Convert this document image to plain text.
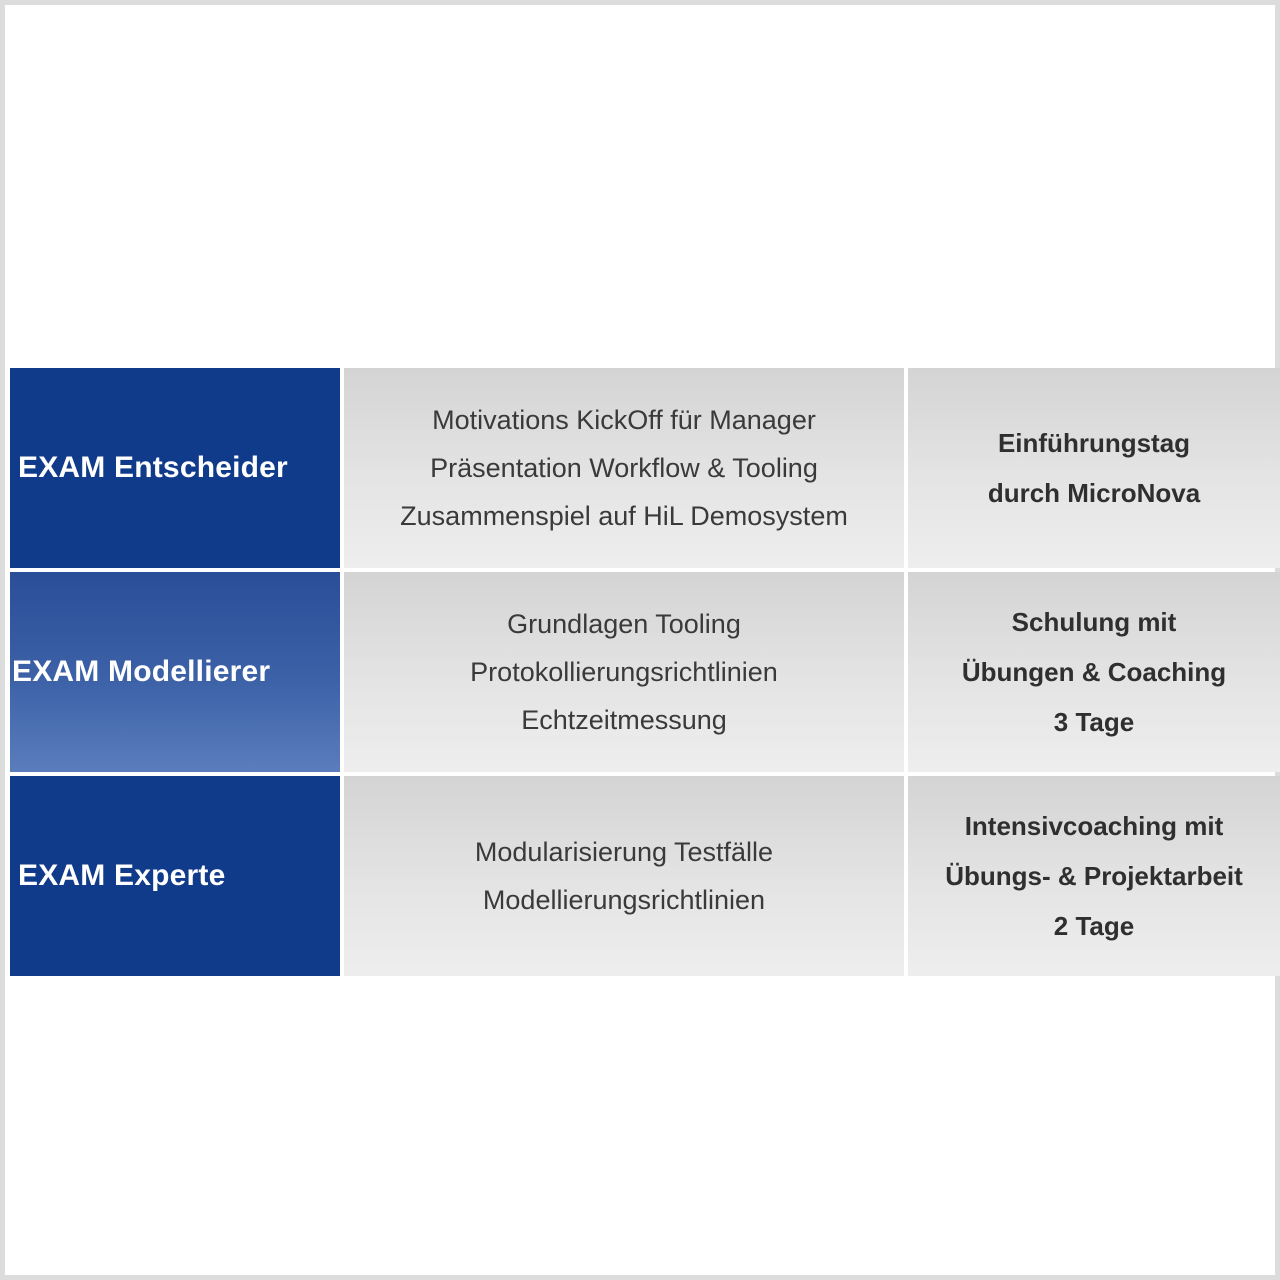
EXAM Entscheider
Motivations KickOff für Manager
Präsentation Workflow & Tooling
Zusammenspiel auf HiL Demosystem
Einführungstag
durch MicroNova
EXAM Modellierer
Grundlagen Tooling
Protokollierungsrichtlinien
Echtzeitmessung
Schulung mit
Übungen & Coaching
3 Tage
EXAM Experte
Modularisierung Testfälle
Modellierungsrichtlinien
Intensivcoaching mit
Übungs- & Projektarbeit
2 Tage
